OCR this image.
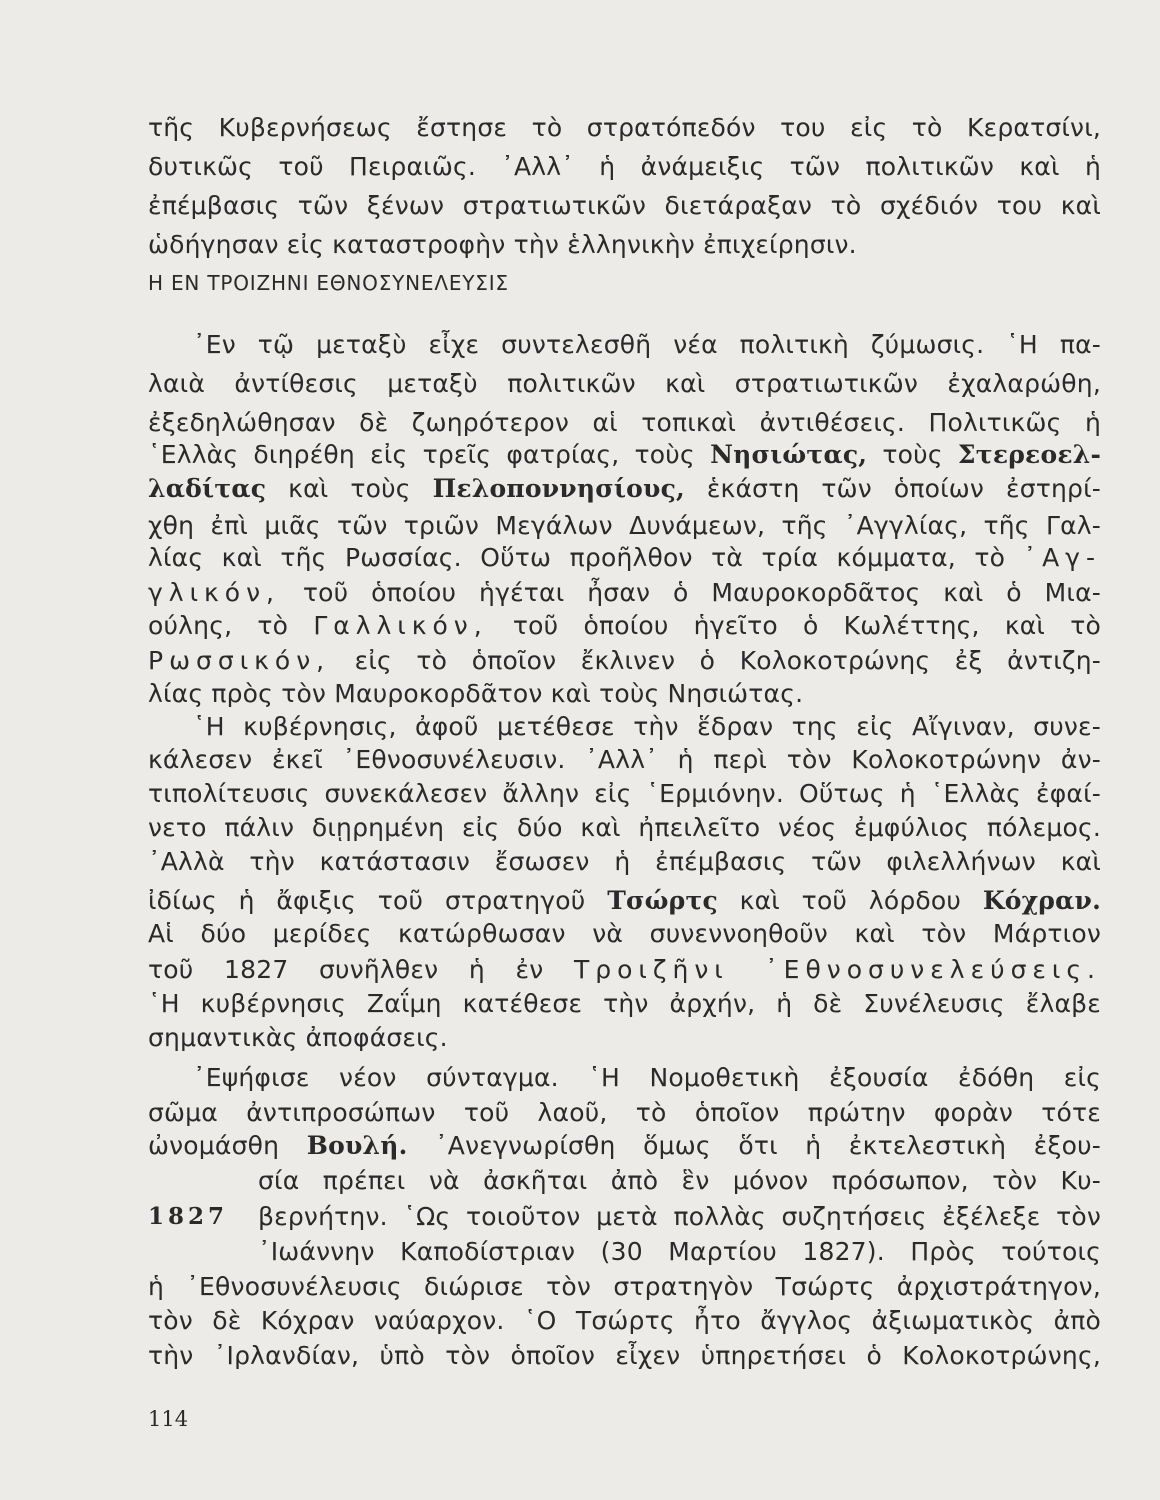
τῆς Κυβερνήσεως ἔστησε τὸ στρατόπεδόν του εἰς τὸ Κερατσίνι,
δυτικῶς τοῦ Πειραιῶς. ᾿Αλλ᾿ ἡ ἀνάμειξις τῶν πολιτικῶν καὶ ἡ
ἐπέμβασις τῶν ξένων στρατιωτικῶν διετάραξαν τὸ σχέδιόν του καὶ
ὡδήγησαν εἰς καταστροφὴν τὴν ἑλληνικὴν ἐπιχείρησιν.
Η ΕΝ ΤΡΟΙΖΗΝΙ ΕΘΝΟΣΥΝΕΛΕΥΣΙΣ
᾿Εν τῷ μεταξὺ εἶχε συντελεσθῆ νέα πολιτικὴ ζύμωσις. ῾Η πα-
λαιὰ ἀντίθεσις μεταξὺ πολιτικῶν καὶ στρατιωτικῶν ἐχαλαρώθη,
ἐξεδηλώθησαν δὲ ζωηρότερον αἱ τοπικαὶ ἀντιθέσεις. Πολιτικῶς ἡ
῾Ελλὰς διηρέθη εἰς τρεῖς φατρίας, τοὺς Νησιώτας, τοὺς Στερεοελ-
λαδίτας καὶ τοὺς Πελοποννησίους, ἑκάστη τῶν ὁποίων ἐστηρί-
χθη ἐπὶ μιᾶς τῶν τριῶν Μεγάλων Δυνάμεων, τῆς ᾿Αγγλίας, τῆς Γαλ-
λίας καὶ τῆς Ρωσσίας. Οὕτω προῆλθον τὰ τρία κόμματα, τὸ ᾿Αγ-
γλικόν, τοῦ ὁποίου ἡγέται ἦσαν ὁ Μαυροκορδᾶτος καὶ ὁ Μια-
ούλης, τὸ Γαλλικόν, τοῦ ὁποίου ἡγεῖτο ὁ Κωλέττης, καὶ τὸ
Ρωσσικόν, εἰς τὸ ὁποῖον ἔκλινεν ὁ Κολοκοτρώνης ἐξ ἀντιζη-
λίας πρὸς τὸν Μαυροκορδᾶτον καὶ τοὺς Νησιώτας.
῾Η κυβέρνησις, ἀφοῦ μετέθεσε τὴν ἕδραν της εἰς Αἴγιναν, συνε-
κάλεσεν ἐκεῖ ᾿Εθνοσυνέλευσιν. ᾿Αλλ᾿ ἡ περὶ τὸν Κολοκοτρώνην ἀν-
τιπολίτευσις συνεκάλεσεν ἄλλην εἰς ῾Ερμιόνην. Οὕτως ἡ ῾Ελλὰς ἐφαί-
νετο πάλιν διῃρημένη εἰς δύο καὶ ἠπειλεῖτο νέος ἐμφύλιος πόλεμος.
᾿Αλλὰ τὴν κατάστασιν ἔσωσεν ἡ ἐπέμβασις τῶν φιλελλήνων καὶ
ἰδίως ἡ ἄφιξις τοῦ στρατηγοῦ Τσώρτς καὶ τοῦ λόρδου Κόχραν.
Αἱ δύο μερίδες κατώρθωσαν νὰ συνεννοηθοῦν καὶ τὸν Μάρτιον
τοῦ 1827 συνῆλθεν ἡ ἐν Τροιζῆνι ᾿Εθνοσυνελεύσεις.
῾Η κυβέρνησις Ζαΐμη κατέθεσε τὴν ἀρχήν, ἡ δὲ Συνέλευσις ἔλαβε
σημαντικὰς ἀποφάσεις.
᾿Εψήφισε νέον σύνταγμα. ῾Η Νομοθετικὴ ἐξουσία ἐδόθη εἰς
σῶμα ἀντιπροσώπων τοῦ λαοῦ, τὸ ὁποῖον πρώτην φορὰν τότε
ὠνομάσθη Βουλή. ᾿Ανεγνωρίσθη ὅμως ὅτι ἡ ἐκτελεστικὴ ἐξου-
σία πρέπει νὰ ἀσκῆται ἀπὸ ἓν μόνον πρόσωπον, τὸν Κυ-
1827 βερνήτην. ῾Ως τοιοῦτον μετὰ πολλὰς συζητήσεις ἐξέλεξε τὸν
᾿Ιωάννην Καποδίστριαν (30 Μαρτίου 1827). Πρὸς τούτοις
ἡ ᾿Εθνοσυνέλευσις διώρισε τὸν στρατηγὸν Τσώρτς ἀρχιστράτηγον,
τὸν δὲ Κόχραν ναύαρχον. ῾Ο Τσώρτς ἦτο ἄγγλος ἀξιωματικὸς ἀπὸ
τὴν ᾿Ιρλανδίαν, ὑπὸ τὸν ὁποῖον εἶχεν ὑπηρετήσει ὁ Κολοκοτρώνης,
114
